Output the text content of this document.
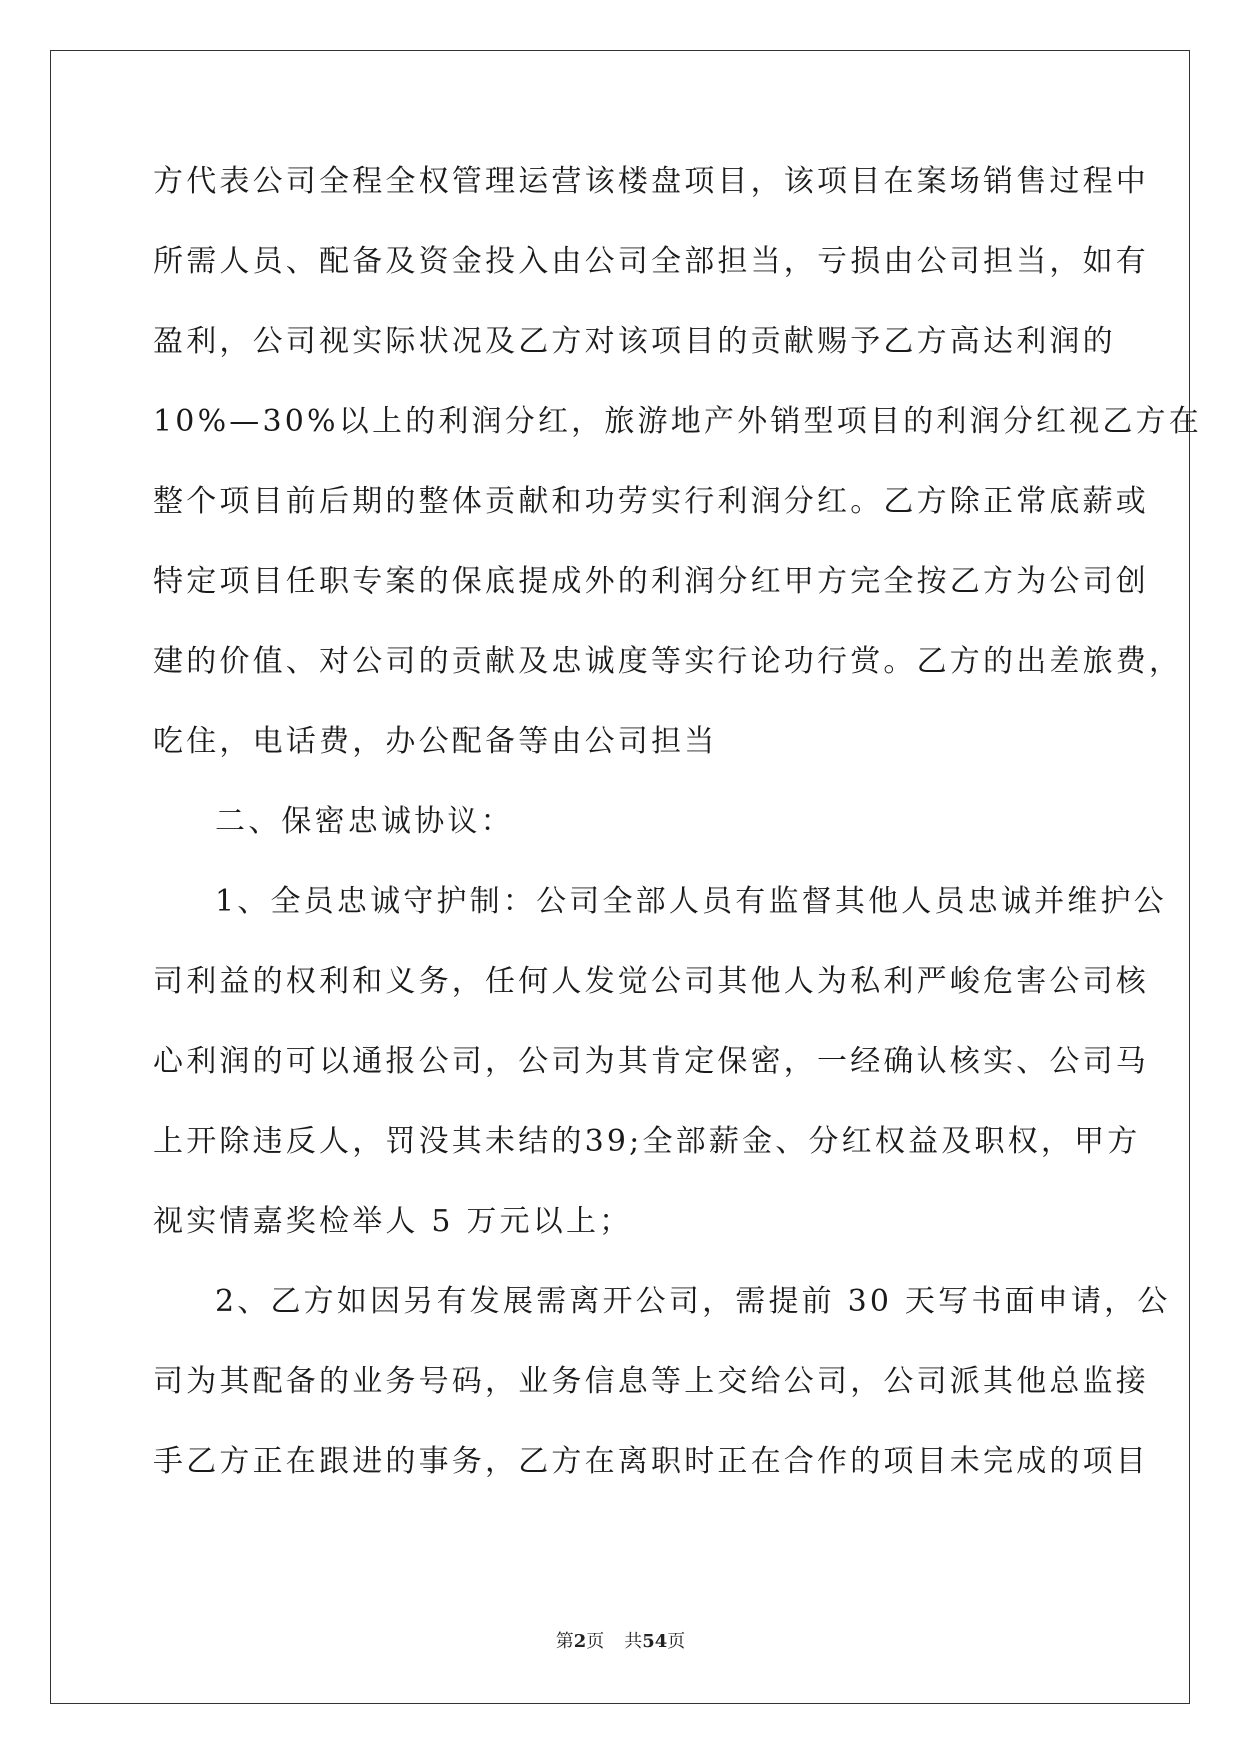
方代表公司全程全权管理运营该楼盘项目，该项目在案场销售过程中

所需人员、配备及资金投入由公司全部担当，亏损由公司担当，如有

盈利，公司视实际状况及乙方对该项目的贡献赐予乙方高达利润的

10%—30%以上的利润分红，旅游地产外销型项目的利润分红视乙方在

整个项目前后期的整体贡献和功劳实行利润分红。乙方除正常底薪或

特定项目任职专案的保底提成外的利润分红甲方完全按乙方为公司创

建的价值、对公司的贡献及忠诚度等实行论功行赏。乙方的出差旅费，

吃住，电话费，办公配备等由公司担当

二、保密忠诚协议：

1、全员忠诚守护制：公司全部人员有监督其他人员忠诚并维护公

司利益的权利和义务，任何人发觉公司其他人为私利严峻危害公司核

心利润的可以通报公司，公司为其肯定保密，一经确认核实、公司马

上开除违反人，罚没其未结的39;全部薪金、分红权益及职权，甲方

视实情嘉奖检举人 5 万元以上；

2、乙方如因另有发展需离开公司，需提前 30 天写书面申请，公

司为其配备的业务号码，业务信息等上交给公司，公司派其他总监接

手乙方正在跟进的事务，乙方在离职时正在合作的项目未完成的项目

第2页 共54页
